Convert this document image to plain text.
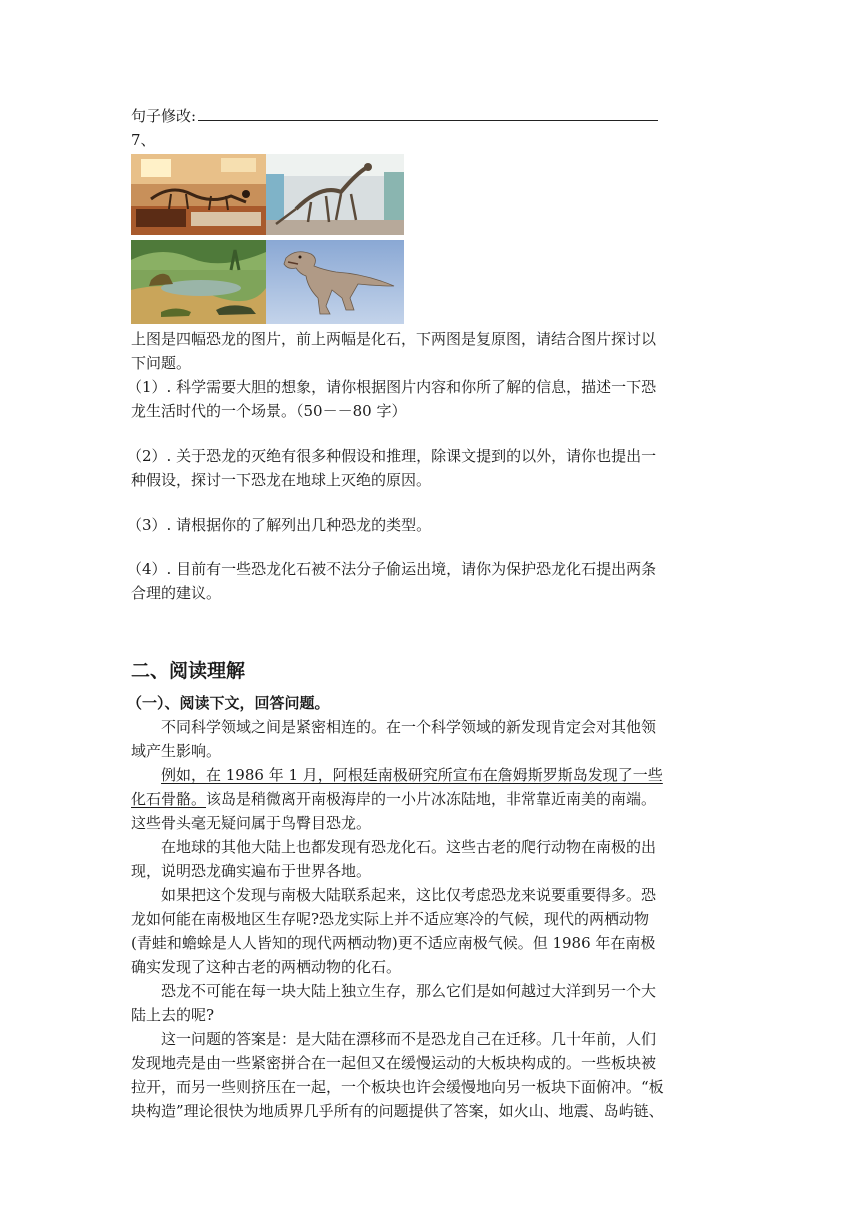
句子修改:
7、
上图是四幅恐龙的图片，前上两幅是化石，下两图是复原图，请结合图片探讨以
下问题。
（1）. 科学需要大胆的想象，请你根据图片内容和你所了解的信息，描述一下恐
龙生活时代的一个场景。（50－－80 字）
（2）. 关于恐龙的灭绝有很多种假设和推理，除课文提到的以外，请你也提出一
种假设，探讨一下恐龙在地球上灭绝的原因。
（3）. 请根据你的了解列出几种恐龙的类型。
（4）. 目前有一些恐龙化石被不法分子偷运出境，请你为保护恐龙化石提出两条
合理的建议。
二、阅读理解
（一）、阅读下文，回答问题。
不同科学领域之间是紧密相连的。在一个科学领域的新发现肯定会对其他领
域产生影响。
例如，在 1986 年 1 月，阿根廷南极研究所宣布在詹姆斯罗斯岛发现了一些
化石骨骼。该岛是稍微离开南极海岸的一小片冰冻陆地，非常靠近南美的南端。
这些骨头毫无疑问属于鸟臀目恐龙。
在地球的其他大陆上也都发现有恐龙化石。这些古老的爬行动物在南极的出
现，说明恐龙确实遍布于世界各地。
如果把这个发现与南极大陆联系起来，这比仅考虑恐龙来说要重要得多。恐
龙如何能在南极地区生存呢?恐龙实际上并不适应寒冷的气候，现代的两栖动物
(青蛙和蟾蜍是人人皆知的现代两栖动物)更不适应南极气候。但 1986 年在南极
确实发现了这种古老的两栖动物的化石。
恐龙不可能在每一块大陆上独立生存，那么它们是如何越过大洋到另一个大
陆上去的呢?
这一问题的答案是：是大陆在漂移而不是恐龙自己在迁移。几十年前，人们
发现地壳是由一些紧密拼合在一起但又在缓慢运动的大板块构成的。一些板块被
拉开，而另一些则挤压在一起，一个板块也许会缓慢地向另一板块下面俯冲。“板
块构造”理论很快为地质界几乎所有的问题提供了答案，如火山、地震、岛屿链、
